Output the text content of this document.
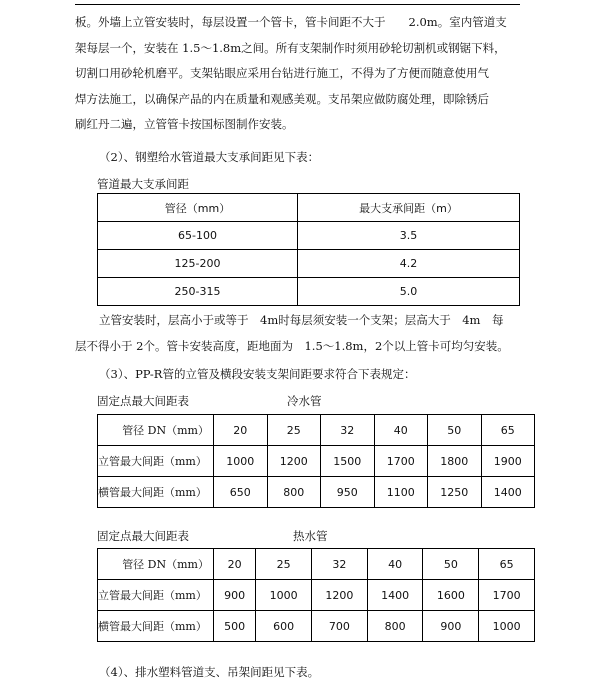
板。外墙上立管安装时，每层设置一个管卡，管卡间距不大于　　2.0m。室内管道支
架每层一个，安装在 1.5～1.8m之间。所有支架制作时须用砂轮切割机或钢锯下料，
切割口用砂轮机磨平。支架钻眼应采用台钻进行施工，不得为了方便而随意使用气
焊方法施工，以确保产品的内在质量和观感美观。支吊架应做防腐处理，即除锈后
刷红丹二遍，立管管卡按国标图制作安装。
（2）、钢塑给水管道最大支承间距见下表：
管道最大支承间距
管径（mm）	最大支承间距（m）
65-100	3.5
125-200	4.2
250-315	5.0
立管安装时，层高小于或等于　4m时每层须安装一个支架；层高大于　4m　每
层不得小于 2个。管卡安装高度，距地面为　1.5～1.8m，2个以上管卡可均匀安装。
（3）、PP-R管的立管及横段安装支架间距要求符合下表规定：
固定点最大间距表	冷水管
管径 DN（mm）	20	25	32	40	50	65
立管最大间距（mm）	1000	1200	1500	1700	1800	1900
横管最大间距（mm）	650	800	950	1100	1250	1400
固定点最大间距表	热水管
管径 DN（mm）	20	25	32	40	50	65
立管最大间距（mm）	900	1000	1200	1400	1600	1700
横管最大间距（mm）	500	600	700	800	900	1000
（4）、排水塑料管道支、吊架间距见下表。
